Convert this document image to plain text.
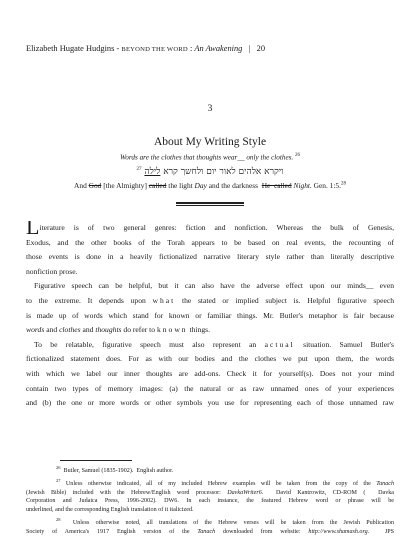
Elizabeth Hugate Hudgins - BEYOND THE WORD : An Awakening   |   20
3
About My Writing Style
Words are the clothes that thoughts wear__ only the clothes. $^{26}$
$^{27}$ ויקרא אלהים לאור יום ולחשך קרא לילה
And God [the Almighty] called the light Day and the darkness  He  called Night. Gen. 1:5.28
Literature is of two general genres: fiction and nonfiction. Whereas the bulk of Genesis,
Exodus, and the other books of the Torah appears to be based on real events, the recounting of
those events is done in a heavily fictionalized narrative literary style rather than literally descriptive
nonfiction prose.
Figurative speech can be helpful, but it can also have the adverse effect upon our minds__ even
to the extreme. It depends upon what the stated or implied subject is. Helpful figurative speech
is made up of words which stand for known or familiar things. Mr. Butler's metaphor is fair because
words and clothes and thoughts do refer to known things.
To be relatable, figurative speech must also represent an actual situation. Samuel Butler's
fictionalized statement does. For as with our bodies and the clothes we put upon them, the words
with which we label our inner thoughts are add-ons. Check it for yourself(s). Does not your mind
contain two types of memory images: (a) the natural or as raw unnamed ones of your experiences
and (b) the one or more words or other symbols you use for representing each of those unnamed raw
$^{26}$  Butler, Samuel (1835-1902).  English author.
$^{27}$ Unless otherwise indicated, all of my included Hebrew examples will be taken from the copy of the Tanach
(Jewish Bible) included with the Hebrew/English word processor: DavkaWriter6.  David Kantrowitz, CD-ROM (  Davka
Corporation and Judaica Press, 1996-2002). DW6. In each instance, the featured Hebrew word or phrase will be
underlined, and the corresponding English translation of it italicized.
$^{28}$  Unless otherwise noted, all translations of the Hebrew verses will be taken from the Jewish Publication
Society of America's 1917 English version of the Tanach downloaded from website: http://www.shamash.org.  JPS
